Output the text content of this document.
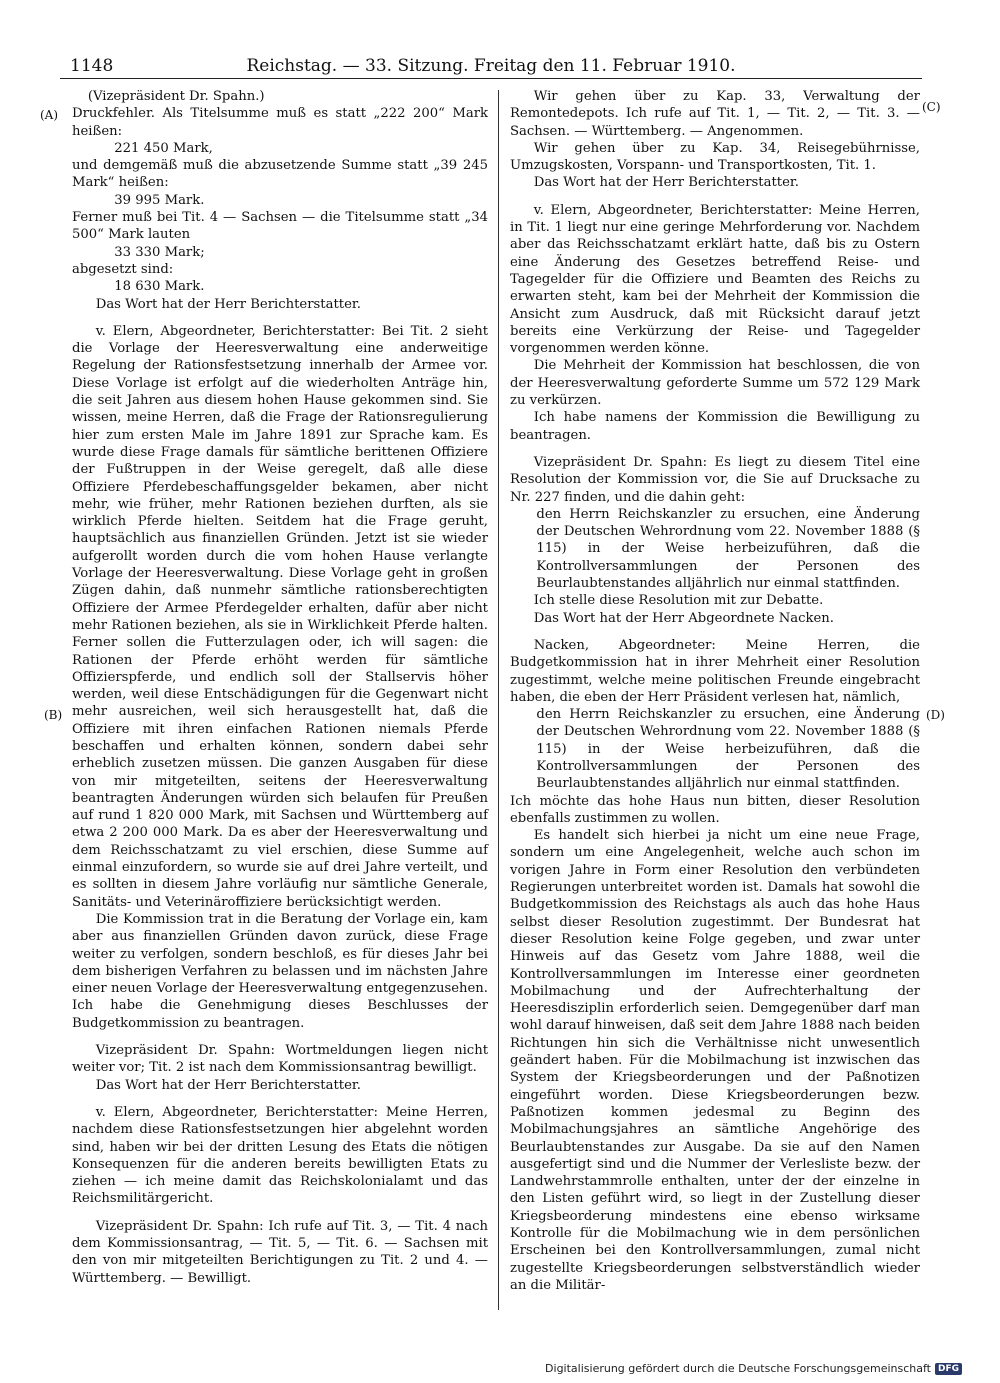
1148	Reichstag. — 33. Sitzung. Freitag den 11. Februar 1910.
(A)
(B)
(C)
(D)

(Vizepräsident Dr. Spahn.)

Druckfehler. Als Titelsumme muß es statt „222 200“ Mark heißen:

221 450 Mark,

und demgemäß muß die abzusetzende Summe statt „39 245 Mark“ heißen:

39 995 Mark.

Ferner muß bei Tit. 4 — Sachsen — die Titelsumme statt „34 500“ Mark lauten

33 330 Mark;

abgesetzt sind:

18 630 Mark.

Das Wort hat der Herr Berichterstatter.

v. Elern, Abgeordneter, Berichterstatter: Bei Tit. 2 sieht die Vorlage der Heeresverwaltung eine anderweitige Regelung der Rationsfestsetzung innerhalb der Armee vor. Diese Vorlage ist erfolgt auf die wiederholten Anträge hin, die seit Jahren aus diesem hohen Hause gekommen sind. Sie wissen, meine Herren, daß die Frage der Rationsregulierung hier zum ersten Male im Jahre 1891 zur Sprache kam. Es wurde diese Frage damals für sämtliche berittenen Offiziere der Fußtruppen in der Weise geregelt, daß alle diese Offiziere Pferdebeschaffungsgelder bekamen, aber nicht mehr, wie früher, mehr Rationen beziehen durften, als sie wirklich Pferde hielten. Seitdem hat die Frage geruht, hauptsächlich aus finanziellen Gründen. Jetzt ist sie wieder aufgerollt worden durch die vom hohen Hause verlangte Vorlage der Heeresverwaltung. Diese Vorlage geht in großen Zügen dahin, daß nunmehr sämtliche rationsberechtigten Offiziere der Armee Pferdegelder erhalten, dafür aber nicht mehr Rationen beziehen, als sie in Wirklichkeit Pferde halten. Ferner sollen die Futterzulagen oder, ich will sagen: die Rationen der Pferde erhöht werden für sämtliche Offizierspferde, und endlich soll der Stallservis höher werden, weil diese Entschädigungen für die Gegenwart nicht mehr ausreichen, weil sich herausgestellt hat, daß die Offiziere mit ihren einfachen Rationen niemals Pferde beschaffen und erhalten können, sondern dabei sehr erheblich zusetzen müssen. Die ganzen Ausgaben für diese von mir mitgeteilten, seitens der Heeresverwaltung beantragten Änderungen würden sich belaufen für Preußen auf rund 1 820 000 Mark, mit Sachsen und Württemberg auf etwa 2 200 000 Mark. Da es aber der Heeresverwaltung und dem Reichsschatzamt zu viel erschien, diese Summe auf einmal einzufordern, so wurde sie auf drei Jahre verteilt, und es sollten in diesem Jahre vorläufig nur sämtliche Generale, Sanitäts- und Veterinäroffiziere berücksichtigt werden.

Die Kommission trat in die Beratung der Vorlage ein, kam aber aus finanziellen Gründen davon zurück, diese Frage weiter zu verfolgen, sondern beschloß, es für dieses Jahr bei dem bisherigen Verfahren zu belassen und im nächsten Jahre einer neuen Vorlage der Heeresverwaltung entgegenzusehen. Ich habe die Genehmigung dieses Beschlusses der Budgetkommission zu beantragen.

Vizepräsident Dr. Spahn: Wortmeldungen liegen nicht weiter vor; Tit. 2 ist nach dem Kommissionsantrag bewilligt.

Das Wort hat der Herr Berichterstatter.

v. Elern, Abgeordneter, Berichterstatter: Meine Herren, nachdem diese Rationsfestsetzungen hier abgelehnt worden sind, haben wir bei der dritten Lesung des Etats die nötigen Konsequenzen für die anderen bereits bewilligten Etats zu ziehen — ich meine damit das Reichskolonialamt und das Reichsmilitärgericht.

Vizepräsident Dr. Spahn: Ich rufe auf Tit. 3, — Tit. 4 nach dem Kommissionsantrag, — Tit. 5, — Tit. 6. — Sachsen mit den von mir mitgeteilten Berichtigungen zu Tit. 2 und 4. — Württemberg. — Bewilligt.

Wir gehen über zu Kap. 33, Verwaltung der Remontedepots. Ich rufe auf Tit. 1, — Tit. 2, — Tit. 3. — Sachsen. — Württemberg. — Angenommen.

Wir gehen über zu Kap. 34, Reisegebührnisse, Umzugskosten, Vorspann- und Transportkosten, Tit. 1.

Das Wort hat der Herr Berichterstatter.

v. Elern, Abgeordneter, Berichterstatter: Meine Herren, in Tit. 1 liegt nur eine geringe Mehrforderung vor. Nachdem aber das Reichsschatzamt erklärt hatte, daß bis zu Ostern eine Änderung des Gesetzes betreffend Reise- und Tagegelder für die Offiziere und Beamten des Reichs zu erwarten steht, kam bei der Mehrheit der Kommission die Ansicht zum Ausdruck, daß mit Rücksicht darauf jetzt bereits eine Verkürzung der Reise- und Tagegelder vorgenommen werden könne.

Die Mehrheit der Kommission hat beschlossen, die von der Heeresverwaltung geforderte Summe um 572 129 Mark zu verkürzen.

Ich habe namens der Kommission die Bewilligung zu beantragen.

Vizepräsident Dr. Spahn: Es liegt zu diesem Titel eine Resolution der Kommission vor, die Sie auf Drucksache zu Nr. 227 finden, und die dahin geht:

den Herrn Reichskanzler zu ersuchen, eine Änderung der Deutschen Wehrordnung vom 22. November 1888 (§ 115) in der Weise herbeizuführen, daß die Kontrollversammlungen der Personen des Beurlaubtenstandes alljährlich nur einmal stattfinden.

Ich stelle diese Resolution mit zur Debatte.

Das Wort hat der Herr Abgeordnete Nacken.

Nacken, Abgeordneter: Meine Herren, die Budgetkommission hat in ihrer Mehrheit einer Resolution zugestimmt, welche meine politischen Freunde eingebracht haben, die eben der Herr Präsident verlesen hat, nämlich,

den Herrn Reichskanzler zu ersuchen, eine Änderung der Deutschen Wehrordnung vom 22. November 1888 (§ 115) in der Weise herbeizuführen, daß die Kontrollversammlungen der Personen des Beurlaubtenstandes alljährlich nur einmal stattfinden.

Ich möchte das hohe Haus nun bitten, dieser Resolution ebenfalls zustimmen zu wollen.

Es handelt sich hierbei ja nicht um eine neue Frage, sondern um eine Angelegenheit, welche auch schon im vorigen Jahre in Form einer Resolution den verbündeten Regierungen unterbreitet worden ist. Damals hat sowohl die Budgetkommission des Reichstags als auch das hohe Haus selbst dieser Resolution zugestimmt. Der Bundesrat hat dieser Resolution keine Folge gegeben, und zwar unter Hinweis auf das Gesetz vom Jahre 1888, weil die Kontrollversammlungen im Interesse einer geordneten Mobilmachung und der Aufrechterhaltung der Heeresdisziplin erforderlich seien. Demgegenüber darf man wohl darauf hinweisen, daß seit dem Jahre 1888 nach beiden Richtungen hin sich die Verhältnisse nicht unwesentlich geändert haben. Für die Mobilmachung ist inzwischen das System der Kriegsbeorderungen und der Paßnotizen eingeführt worden. Diese Kriegsbeorderungen bezw. Paßnotizen kommen jedesmal zu Beginn des Mobilmachungsjahres an sämtliche Angehörige des Beurlaubtenstandes zur Ausgabe. Da sie auf den Namen ausgefertigt sind und die Nummer der Verlesliste bezw. der Landwehrstammrolle enthalten, unter der der einzelne in den Listen geführt wird, so liegt in der Zustellung dieser Kriegsbeorderung mindestens eine ebenso wirksame Kontrolle für die Mobilmachung wie in dem persönlichen Erscheinen bei den Kontrollversammlungen, zumal nicht zugestellte Kriegsbeorderungen selbstverständlich wieder an die Militär-

Digitalisierung gefördert durch die Deutsche Forschungsgemeinschaft DFG
